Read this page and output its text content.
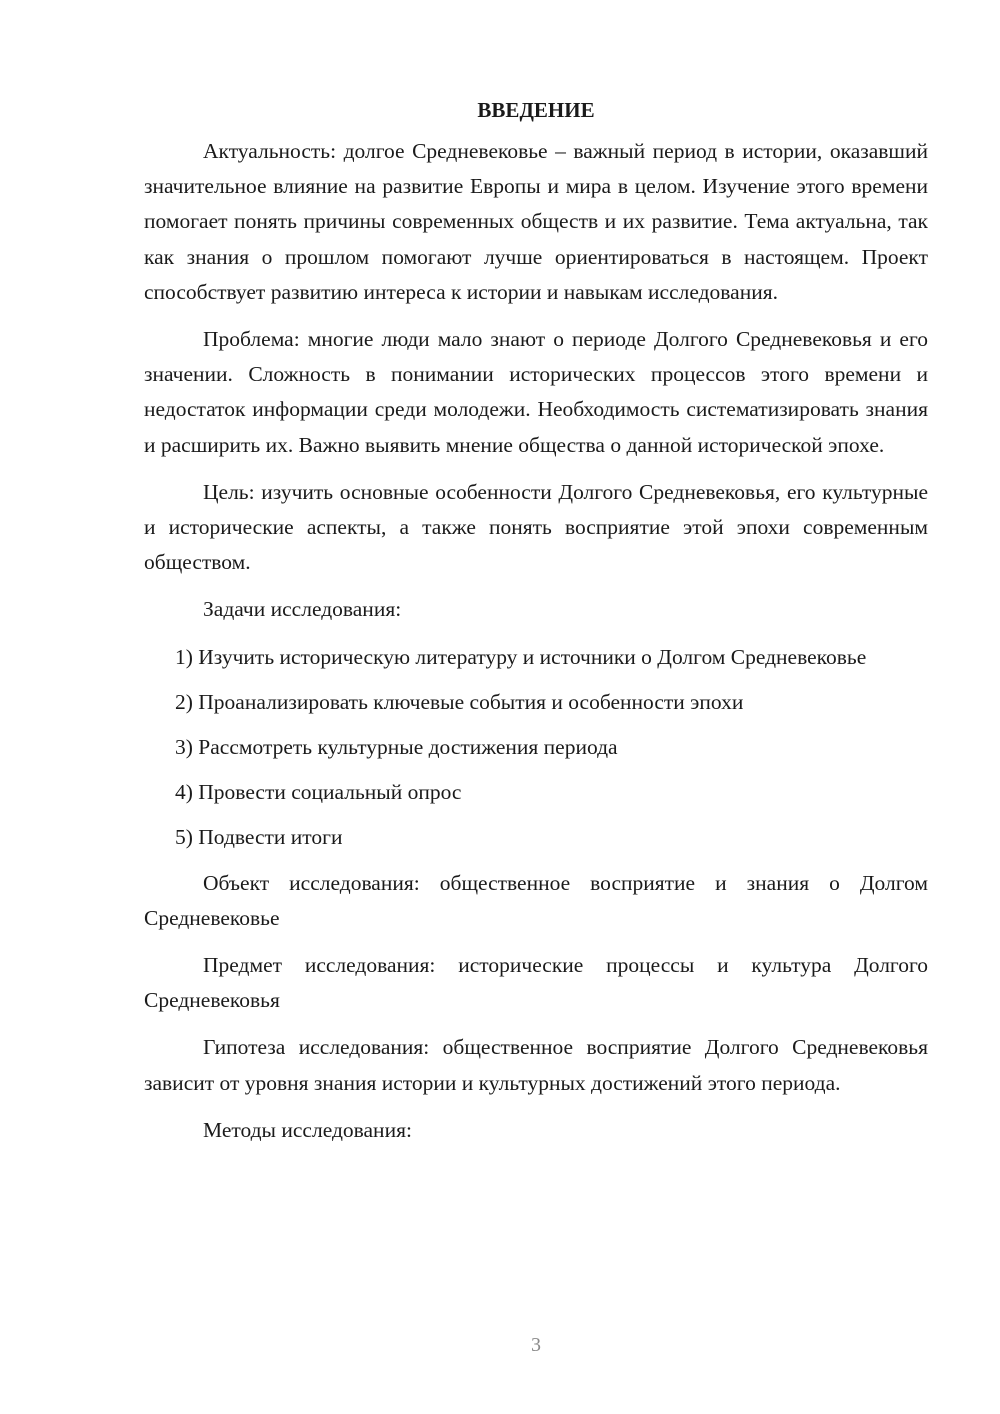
ВВЕДЕНИЕ

Актуальность: долгое Средневековье – важный период в истории, оказавший значительное влияние на развитие Европы и мира в целом. Изучение этого времени помогает понять причины современных обществ и их развитие. Тема актуальна, так как знания о прошлом помогают лучше ориентироваться в настоящем. Проект способствует развитию интереса к истории и навыкам исследования.

Проблема: многие люди мало знают о периоде Долгого Средневековья и его значении. Сложность в понимании исторических процессов этого времени и недостаток информации среди молодежи. Необходимость систематизировать знания и расширить их. Важно выявить мнение общества о данной исторической эпохе.

Цель: изучить основные особенности Долгого Средневековья, его культурные и исторические аспекты, а также понять восприятие этой эпохи современным обществом.

Задачи исследования:

1) Изучить историческую литературу и источники о Долгом Средневековье

2) Проанализировать ключевые события и особенности эпохи

3) Рассмотреть культурные достижения периода

4) Провести социальный опрос

5) Подвести итоги

Объект исследования: общественное восприятие и знания о Долгом Средневековье

Предмет исследования: исторические процессы и культура Долгого Средневековья

Гипотеза исследования: общественное восприятие Долгого Средневековья зависит от уровня знания истории и культурных достижений этого периода.

Методы исследования:

3
